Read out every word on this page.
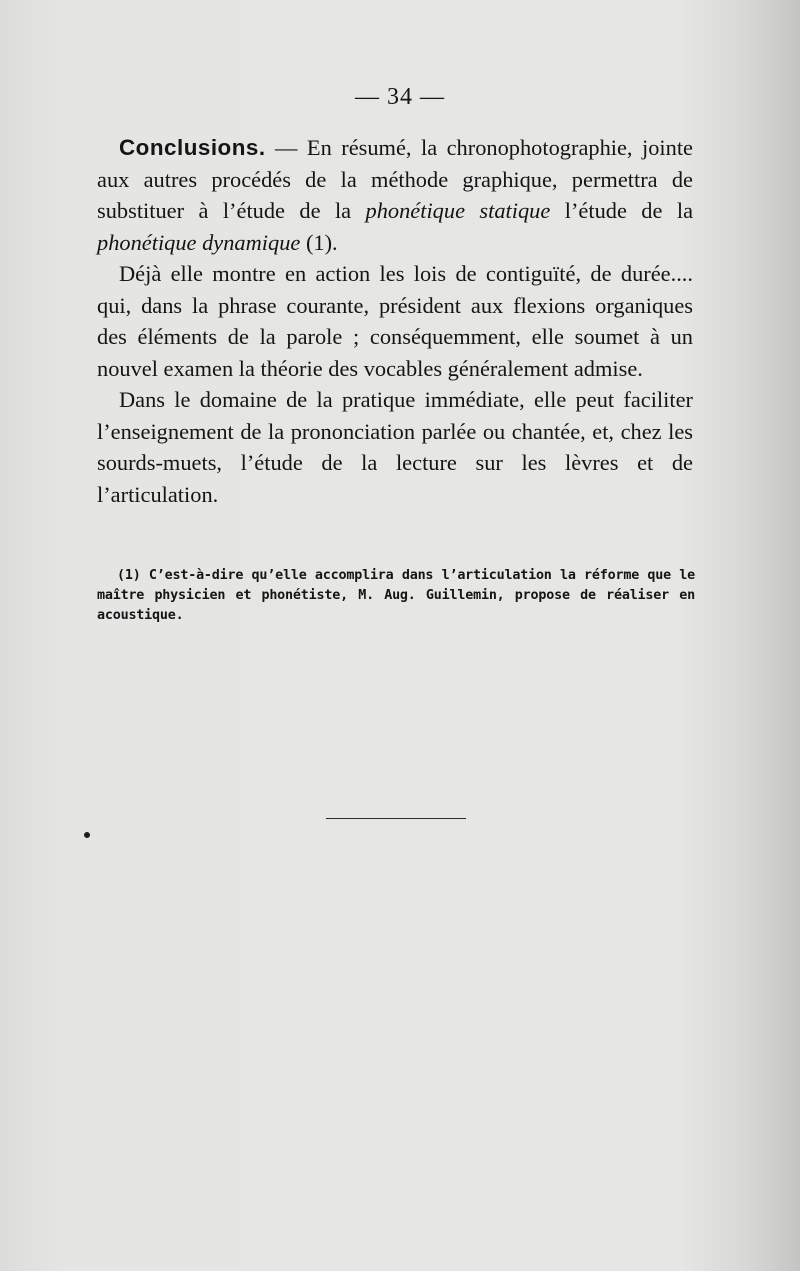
— 34 —

Conclusions. — En résumé, la chronophotographie, jointe aux autres procédés de la méthode graphique, permettra de substituer à l’étude de la phonétique statique l’étude de la phonétique dynamique (1).

Déjà elle montre en action les lois de contiguïté, de durée.... qui, dans la phrase courante, président aux flexions organiques des éléments de la parole ; conséquemment, elle soumet à un nouvel examen la théorie des vocables généralement admise.

Dans le domaine de la pratique immédiate, elle peut faciliter l’enseignement de la prononciation parlée ou chantée, et, chez les sourds-muets, l’étude de la lecture sur les lèvres et de l’articulation.

(1) C’est-à-dire qu’elle accomplira dans l’articulation la réforme que le maître physicien et phonétiste, M. Aug. Guillemin, propose de réaliser en acoustique.
